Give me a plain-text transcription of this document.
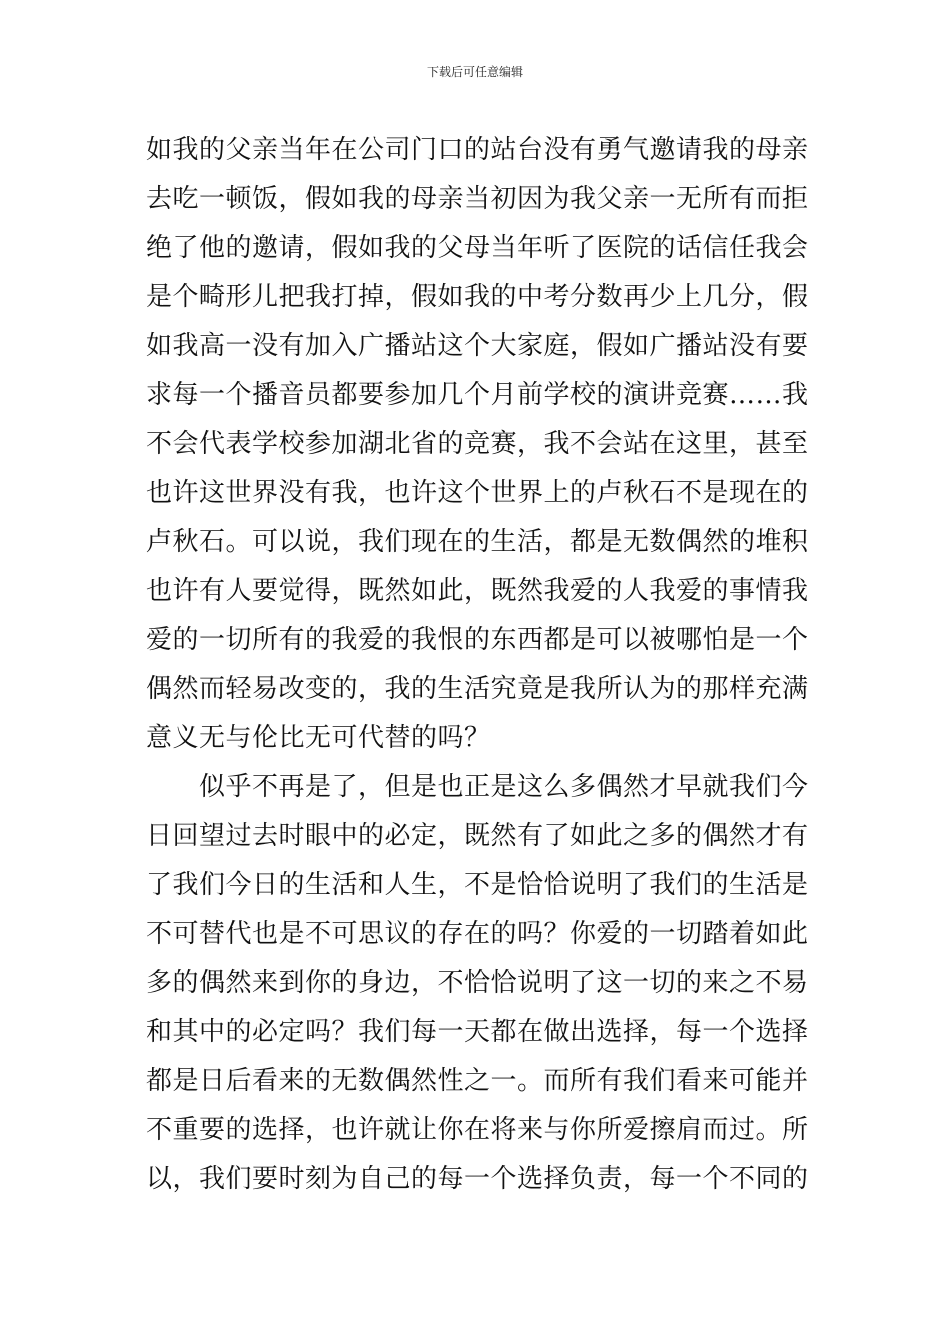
下载后可任意编辑
如我的父亲当年在公司门口的站台没有勇气邀请我的母亲
去吃一顿饭，假如我的母亲当初因为我父亲一无所有而拒
绝了他的邀请，假如我的父母当年听了医院的话信任我会
是个畸形儿把我打掉，假如我的中考分数再少上几分，假
如我高一没有加入广播站这个大家庭，假如广播站没有要
求每一个播音员都要参加几个月前学校的演讲竞赛……我
不会代表学校参加湖北省的竞赛，我不会站在这里，甚至
也许这世界没有我，也许这个世界上的卢秋石不是现在的
卢秋石。可以说，我们现在的生活，都是无数偶然的堆积
也许有人要觉得，既然如此，既然我爱的人我爱的事情我
爱的一切所有的我爱的我恨的东西都是可以被哪怕是一个
偶然而轻易改变的，我的生活究竟是我所认为的那样充满
意义无与伦比无可代替的吗？
　　似乎不再是了，但是也正是这么多偶然才早就我们今
日回望过去时眼中的必定，既然有了如此之多的偶然才有
了我们今日的生活和人生，不是恰恰说明了我们的生活是
不可替代也是不可思议的存在的吗？你爱的一切踏着如此
多的偶然来到你的身边，不恰恰说明了这一切的来之不易
和其中的必定吗？我们每一天都在做出选择，每一个选择
都是日后看来的无数偶然性之一。而所有我们看来可能并
不重要的选择，也许就让你在将来与你所爱擦肩而过。所
以，我们要时刻为自己的每一个选择负责，每一个不同的
